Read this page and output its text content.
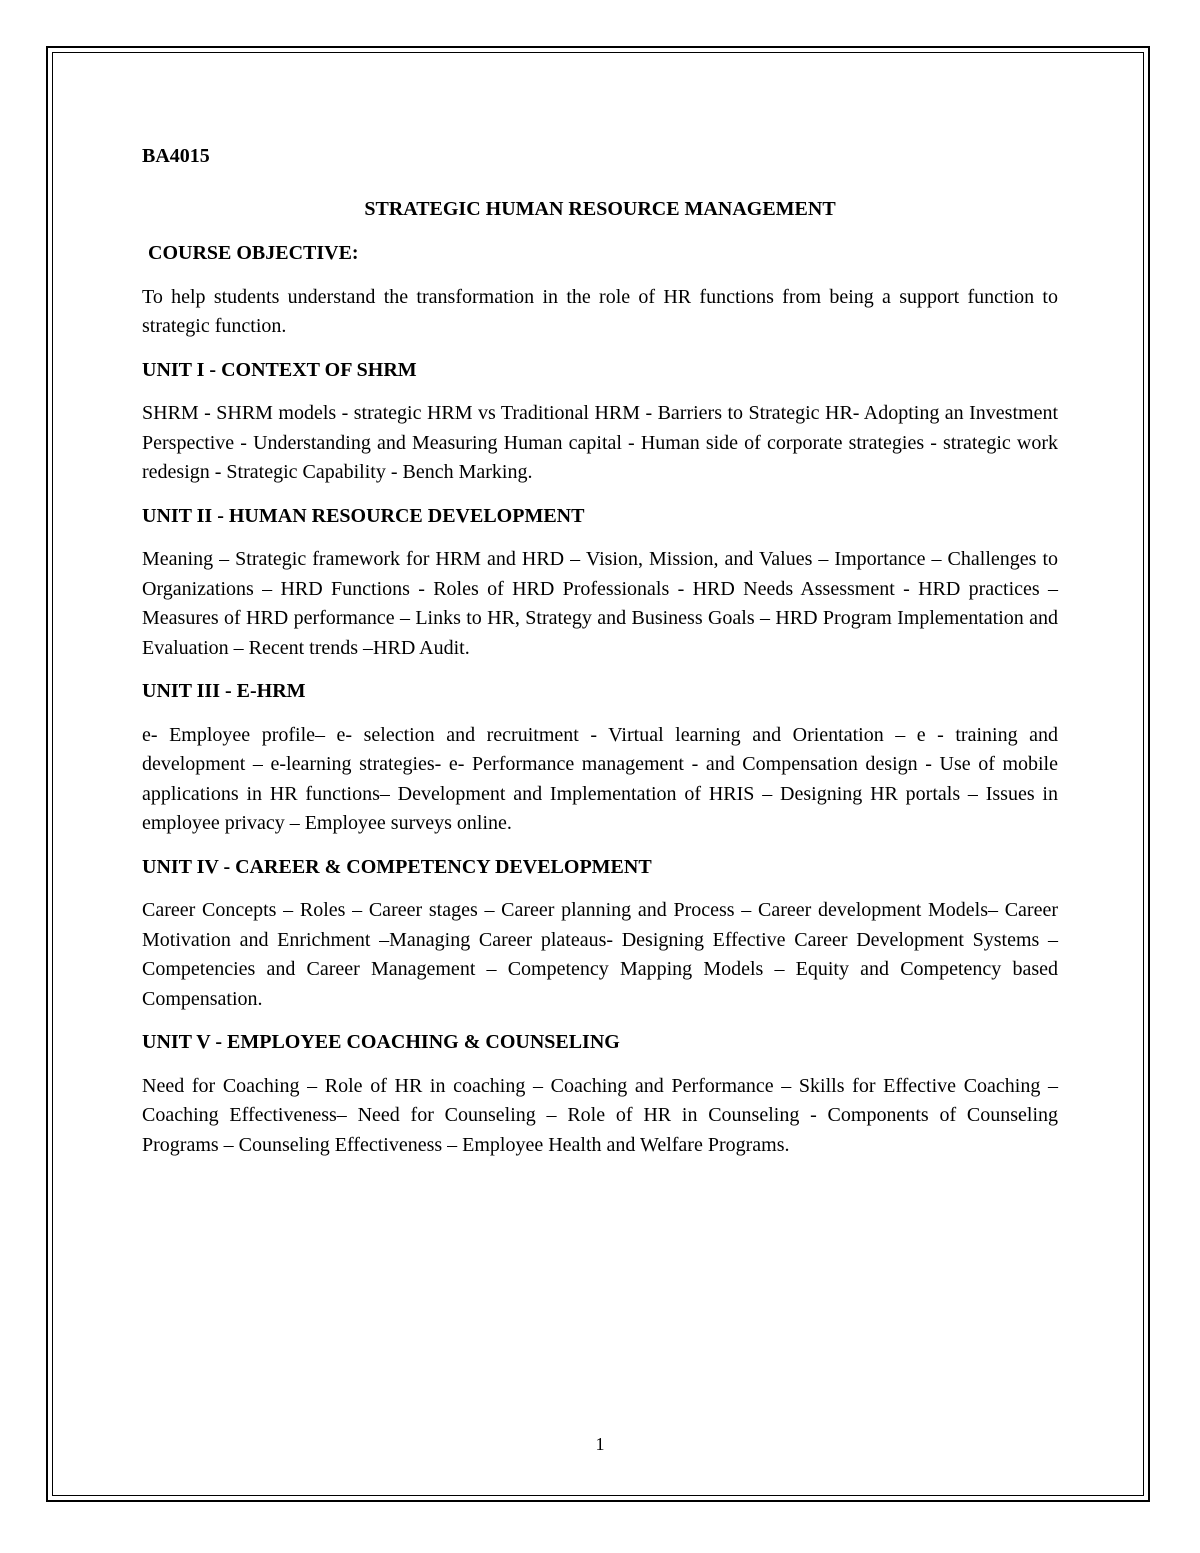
BA4015

STRATEGIC HUMAN RESOURCE MANAGEMENT

COURSE OBJECTIVE:

To help students understand the transformation in the role of HR functions from being a support function to strategic function.

UNIT I - CONTEXT OF SHRM

SHRM - SHRM models - strategic HRM vs Traditional HRM - Barriers to Strategic HR- Adopting an Investment Perspective - Understanding and Measuring Human capital - Human side of corporate strategies - strategic work redesign - Strategic Capability - Bench Marking.

UNIT II - HUMAN RESOURCE DEVELOPMENT

Meaning – Strategic framework for HRM and HRD – Vision, Mission, and Values – Importance – Challenges to Organizations – HRD Functions - Roles of HRD Professionals - HRD Needs Assessment - HRD practices – Measures of HRD performance – Links to HR, Strategy and Business Goals – HRD Program Implementation and Evaluation – Recent trends –HRD Audit.

UNIT III - E-HRM

e- Employee profile– e- selection and recruitment - Virtual learning and Orientation – e - training and development – e-learning strategies- e- Performance management - and Compensation design - Use of mobile applications in HR functions– Development and Implementation of HRIS – Designing HR portals – Issues in employee privacy – Employee surveys online.

UNIT IV - CAREER & COMPETENCY DEVELOPMENT

Career Concepts – Roles – Career stages – Career planning and Process – Career development Models– Career Motivation and Enrichment –Managing Career plateaus- Designing Effective Career Development Systems – Competencies and Career Management – Competency Mapping Models – Equity and Competency based Compensation.

UNIT V - EMPLOYEE COACHING & COUNSELING

Need for Coaching – Role of HR in coaching – Coaching and Performance – Skills for Effective Coaching – Coaching Effectiveness– Need for Counseling – Role of HR in Counseling - Components of Counseling Programs – Counseling Effectiveness – Employee Health and Welfare Programs.

1
